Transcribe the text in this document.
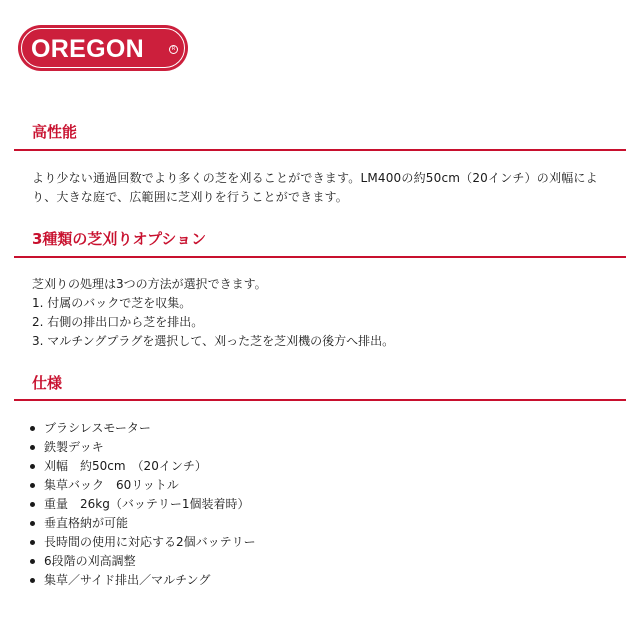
OREGON	R
高性能

より少ない通過回数でより多くの芝を刈ることができます。LM400の約50cm（20インチ）の刈幅により、大きな庭で、広範囲に芝刈りを行うことができます。

3種類の芝刈りオプション
芝刈りの処理は3つの方法が選択できます。
1. 付属のバックで芝を収集。
2. 右側の排出口から芝を排出。
3. マルチングプラグを選択して、刈った芝を芝刈機の後方へ排出。
仕様
ブラシレスモーター
鉄製デッキ
刈幅　約50cm　（20インチ）
集草バック　60リットル
重量　26kg（バッテリー1個装着時）
垂直格納が可能
長時間の使用に対応する2個バッテリー
6段階の刈高調整
集草／サイド排出／マルチング
